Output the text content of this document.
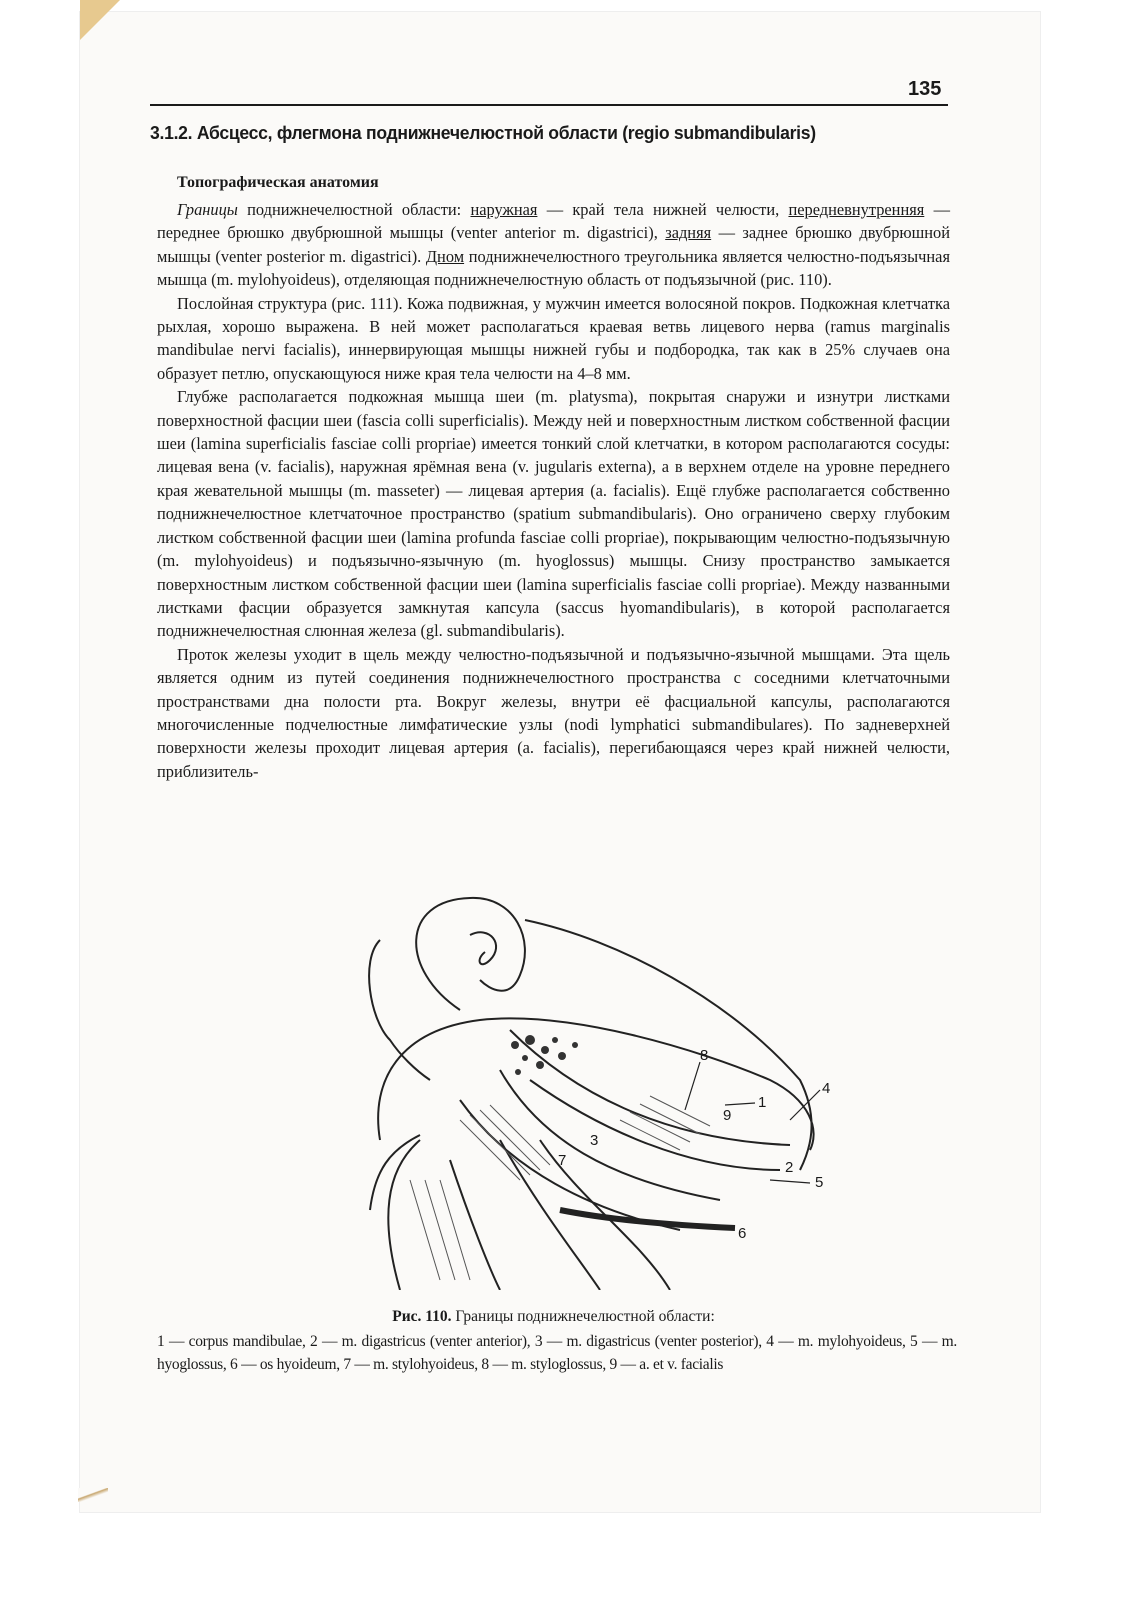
135
3.1.2. Абсцесс, флегмона поднижнечелюстной области (regio submandibularis)
Топографическая анатомия

Границы поднижнечелюстной области: наружная — край тела нижней челюсти, передневнутренняя — переднее брюшко двубрюшной мышцы (venter anterior m. digastrici), задняя — заднее брюшко двубрюшной мышцы (venter posterior m. digastrici). Дном поднижнечелюстного треугольника является челюстно-подъязычная мышца (m. mylohyoideus), отделяющая поднижнечелюстную область от подъязычной (рис. 110).

Послойная структура (рис. 111). Кожа подвижная, у мужчин имеется волосяной покров. Подкожная клетчатка рыхлая, хорошо выражена. В ней может располагаться краевая ветвь лицевого нерва (ramus marginalis mandibulae nervi facialis), иннервирующая мышцы нижней губы и подбородка, так как в 25% случаев она образует петлю, опускающуюся ниже края тела челюсти на 4–8 мм.

Глубже располагается подкожная мышца шеи (m. platysma), покрытая снаружи и изнутри листками поверхностной фасции шеи (fascia colli superficialis). Между ней и поверхностным листком собственной фасции шеи (lamina superficialis fasciae colli propriae) имеется тонкий слой клетчатки, в котором располагаются сосуды: лицевая вена (v. facialis), наружная ярёмная вена (v. jugularis externa), а в верхнем отделе на уровне переднего края жевательной мышцы (m. masseter) — лицевая артерия (a. facialis). Ещё глубже располагается собственно поднижнечелюстное клетчаточное пространство (spatium submandibularis). Оно ограничено сверху глубоким листком собственной фасции шеи (lamina profunda fasciae colli propriae), покрывающим челюстно-подъязычную (m. mylohyoideus) и подъязычно-язычную (m. hyoglossus) мышцы. Снизу пространство замыкается поверхностным листком собственной фасции шеи (lamina superficialis fasciae colli propriae). Между названными листками фасции образуется замкнутая капсула (saccus hyomandibularis), в которой располагается поднижнечелюстная слюнная железа (gl. submandibularis).

Проток железы уходит в щель между челюстно-подъязычной и подъязычно-язычной мышцами. Эта щель является одним из путей соединения поднижнечелюстного пространства с соседними клетчаточными пространствами дна полости рта. Вокруг железы, внутри её фасциальной капсулы, располагаются многочисленные подчелюстные лимфатические узлы (nodi lymphatici submandibulares). По задневерхней поверхности железы проходит лицевая артерия (a. facialis), перегибающаяся через край нижней челюсти, приблизитель-

8
4
1
9
3
7	2
5
6
Рис. 110. Границы поднижнечелюстной области:
1 — corpus mandibulae, 2 — m. digastricus (venter anterior), 3 — m. digastricus (venter posterior), 4 — m. mylohyoideus, 5 — m. hyoglossus, 6 — os hyoideum, 7 — m. stylohyoideus, 8 — m. styloglossus, 9 — a. et v. facialis
